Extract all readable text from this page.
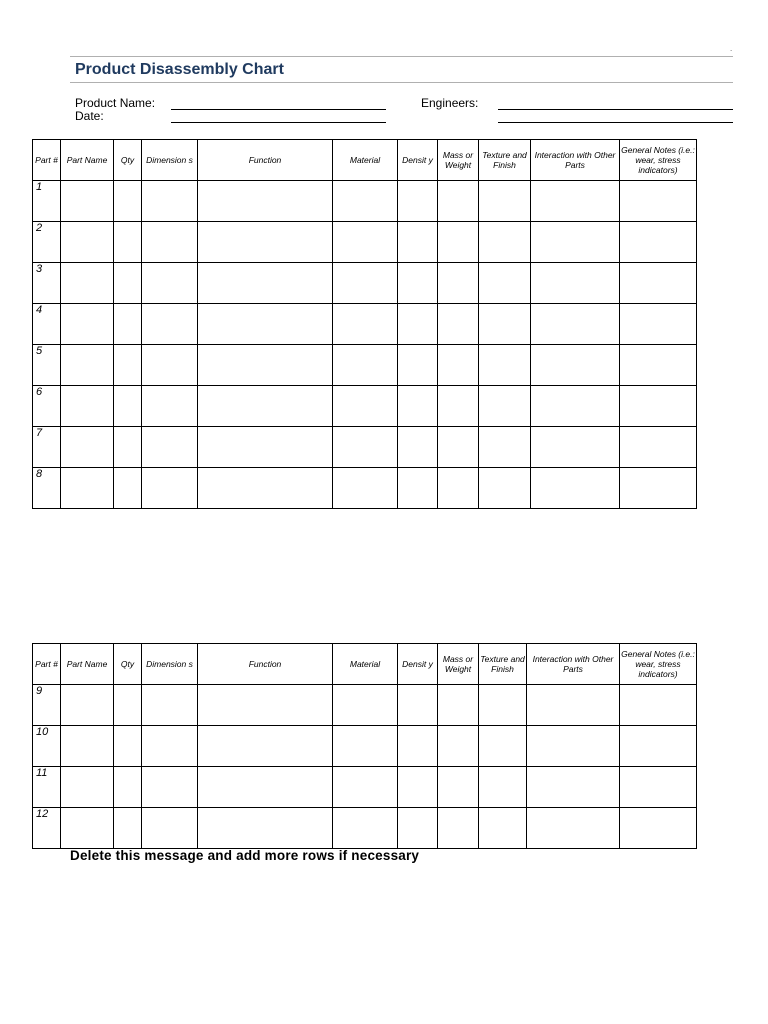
.
Product Disassembly Chart
Product Name:
Date:
Engineers:
Part #	Part Name	Qty	Dimension s	Function	Material	Densit y	Mass or Weight	Texture and Finish	Interaction with Other Parts	General Notes (i.e.: wear, stress indicators)
1										
2										
3										
4										
5										
6										
7										
8										
Part #	Part Name	Qty	Dimension s	Function	Material	Densit y	Mass or Weight	Texture and Finish	Interaction with Other Parts	General Notes (i.e.: wear, stress indicators)
9										
10										
11										
12										
Delete this message and add more rows if necessary
